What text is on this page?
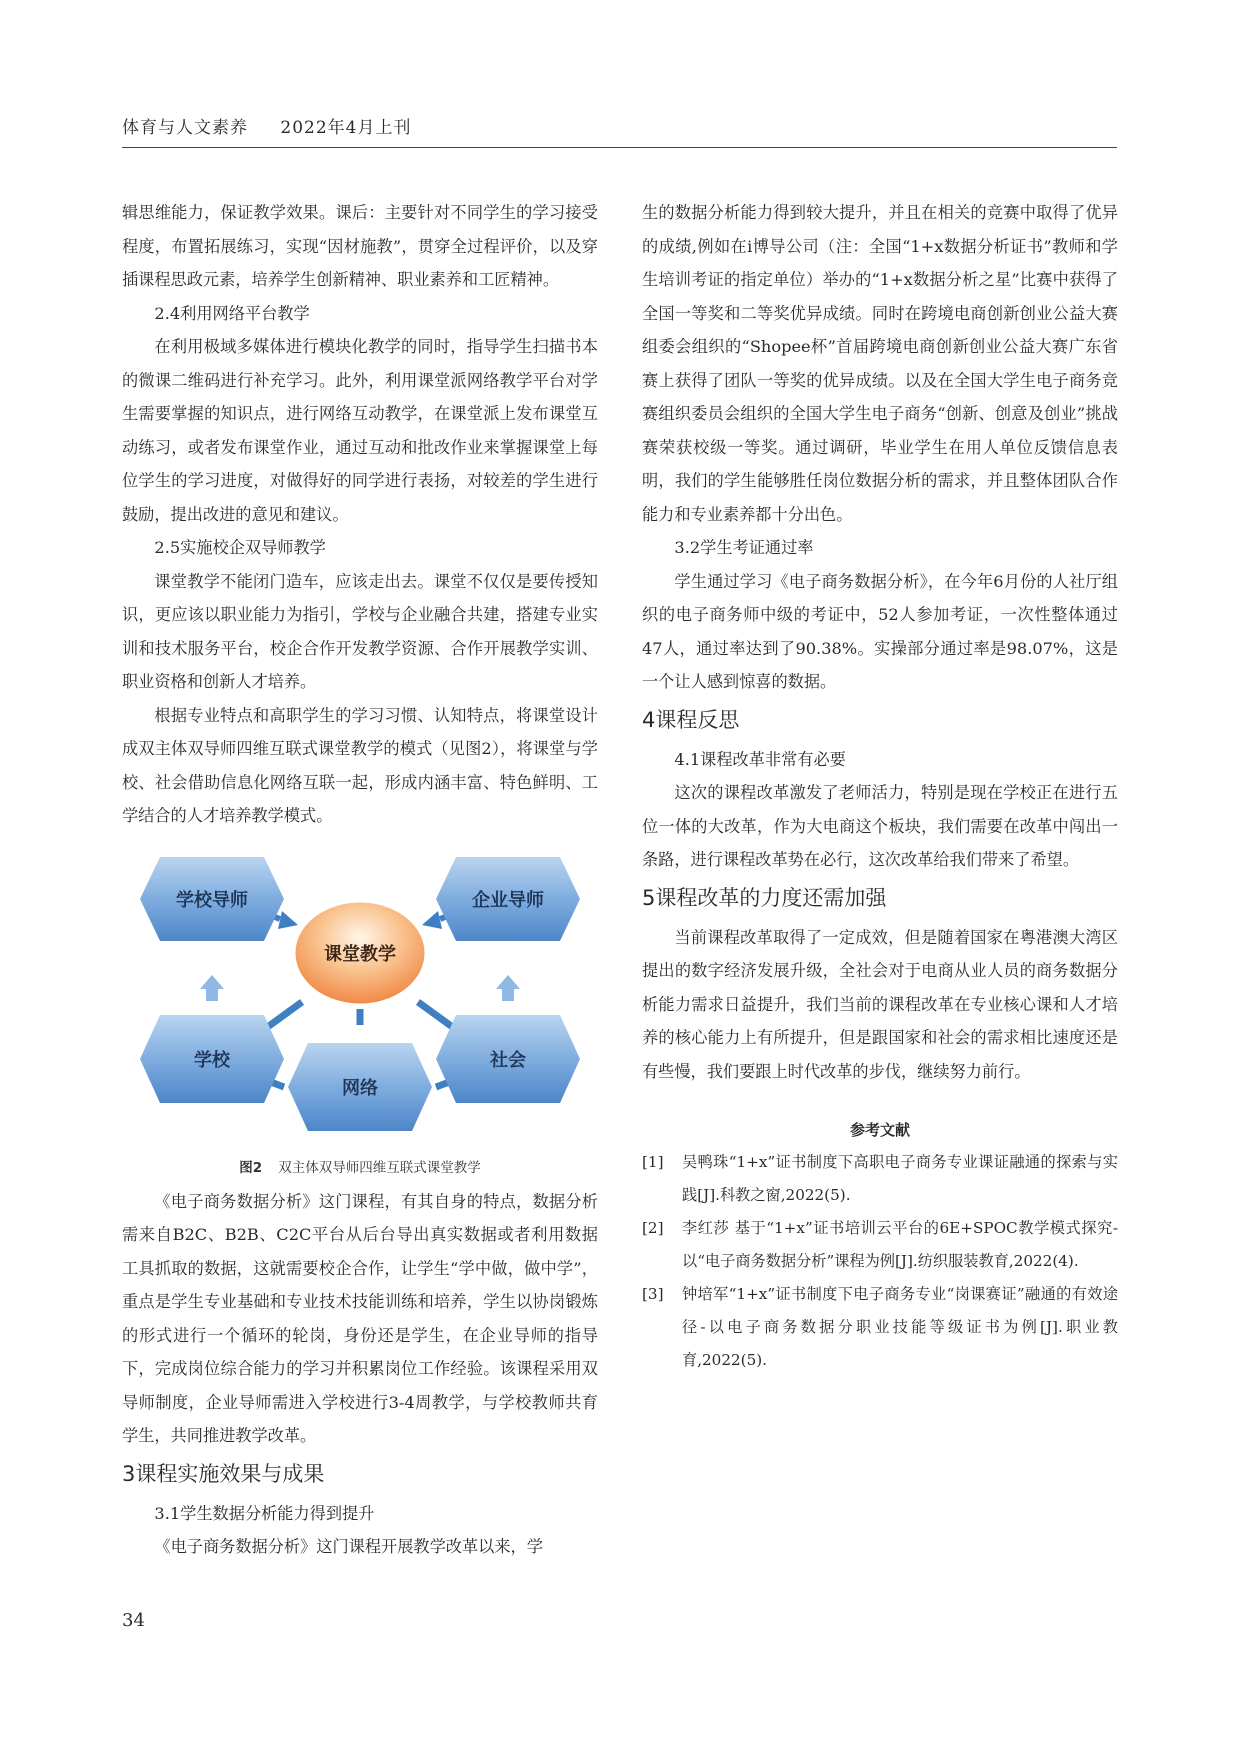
体育与人文素养 2022年4月上刊

辑思维能力，保证教学效果。课后：主要针对不同学生的学习接受程度，布置拓展练习，实现“因材施教”，贯穿全过程评价，以及穿插课程思政元素，培养学生创新精神、职业素养和工匠精神。

2.4利用网络平台教学

在利用极域多媒体进行模块化教学的同时，指导学生扫描书本的微课二维码进行补充学习。此外，利用课堂派网络教学平台对学生需要掌握的知识点，进行网络互动教学，在课堂派上发布课堂互动练习，或者发布课堂作业，通过互动和批改作业来掌握课堂上每位学生的学习进度，对做得好的同学进行表扬，对较差的学生进行鼓励，提出改进的意见和建议。

2.5实施校企双导师教学

课堂教学不能闭门造车，应该走出去。课堂不仅仅是要传授知识，更应该以职业能力为指引，学校与企业融合共建，搭建专业实训和技术服务平台，校企合作开发教学资源、合作开展教学实训、职业资格和创新人才培养。

根据专业特点和高职学生的学习习惯、认知特点，将课堂设计成双主体双导师四维互联式课堂教学的模式（见图2），将课堂与学校、社会借助信息化网络互联一起，形成内涵丰富、特色鲜明、工学结合的人才培养教学模式。

学校导师	企业导师
课堂教学
学校	社会
网络
图2 双主体双导师四维互联式课堂教学

《电子商务数据分析》这门课程，有其自身的特点，数据分析需来自B2C、B2B、C2C平台从后台导出真实数据或者利用数据工具抓取的数据，这就需要校企合作，让学生“学中做，做中学”，重点是学生专业基础和专业技术技能训练和培养，学生以协岗锻炼的形式进行一个循环的轮岗，身份还是学生，在企业导师的指导下，完成岗位综合能力的学习并积累岗位工作经验。该课程采用双导师制度，企业导师需进入学校进行3-4周教学，与学校教师共育学生，共同推进教学改革。

3课程实施效果与成果
3.1学生数据分析能力得到提升

《电子商务数据分析》这门课程开展教学改革以来，学

生的数据分析能力得到较大提升，并且在相关的竞赛中取得了优异的成绩,例如在i博导公司（注：全国“1+x数据分析证书”教师和学生培训考证的指定单位）举办的“1+x数据分析之星”比赛中获得了全国一等奖和二等奖优异成绩。同时在跨境电商创新创业公益大赛组委会组织的“Shopee杯”首届跨境电商创新创业公益大赛广东省赛上获得了团队一等奖的优异成绩。以及在全国大学生电子商务竞赛组织委员会组织的全国大学生电子商务“创新、创意及创业”挑战赛荣获校级一等奖。通过调研，毕业学生在用人单位反馈信息表明，我们的学生能够胜任岗位数据分析的需求，并且整体团队合作能力和专业素养都十分出色。

3.2学生考证通过率

学生通过学习《电子商务数据分析》，在今年6月份的人社厅组织的电子商务师中级的考证中，52人参加考证，一次性整体通过47人，通过率达到了90.38%。实操部分通过率是98.07%，这是一个让人感到惊喜的数据。

4课程反思
4.1课程改革非常有必要

这次的课程改革激发了老师活力，特别是现在学校正在进行五位一体的大改革，作为大电商这个板块，我们需要在改革中闯出一条路，进行课程改革势在必行，这次改革给我们带来了希望。

5课程改革的力度还需加强

当前课程改革取得了一定成效，但是随着国家在粤港澳大湾区提出的数字经济发展升级，全社会对于电商从业人员的商务数据分析能力需求日益提升，我们当前的课程改革在专业核心课和人才培养的核心能力上有所提升，但是跟国家和社会的需求相比速度还是有些慢，我们要跟上时代改革的步伐，继续努力前行。

参考文献
[1]	吴鸭珠“1+x”证书制度下高职电子商务专业课证融通的探索与实践[J].科教之窗,2022(5).
[2]	李红莎 基于“1+x”证书培训云平台的6E+SPOC教学模式探究-以“电子商务数据分析”课程为例[J].纺织服装教育,2022(4).
[3]	钟培军“1+x”证书制度下电子商务专业“岗课赛证”融通的有效途径-以电子商务数据分职业技能等级证书为例[J].职业教育,2022(5).
34
